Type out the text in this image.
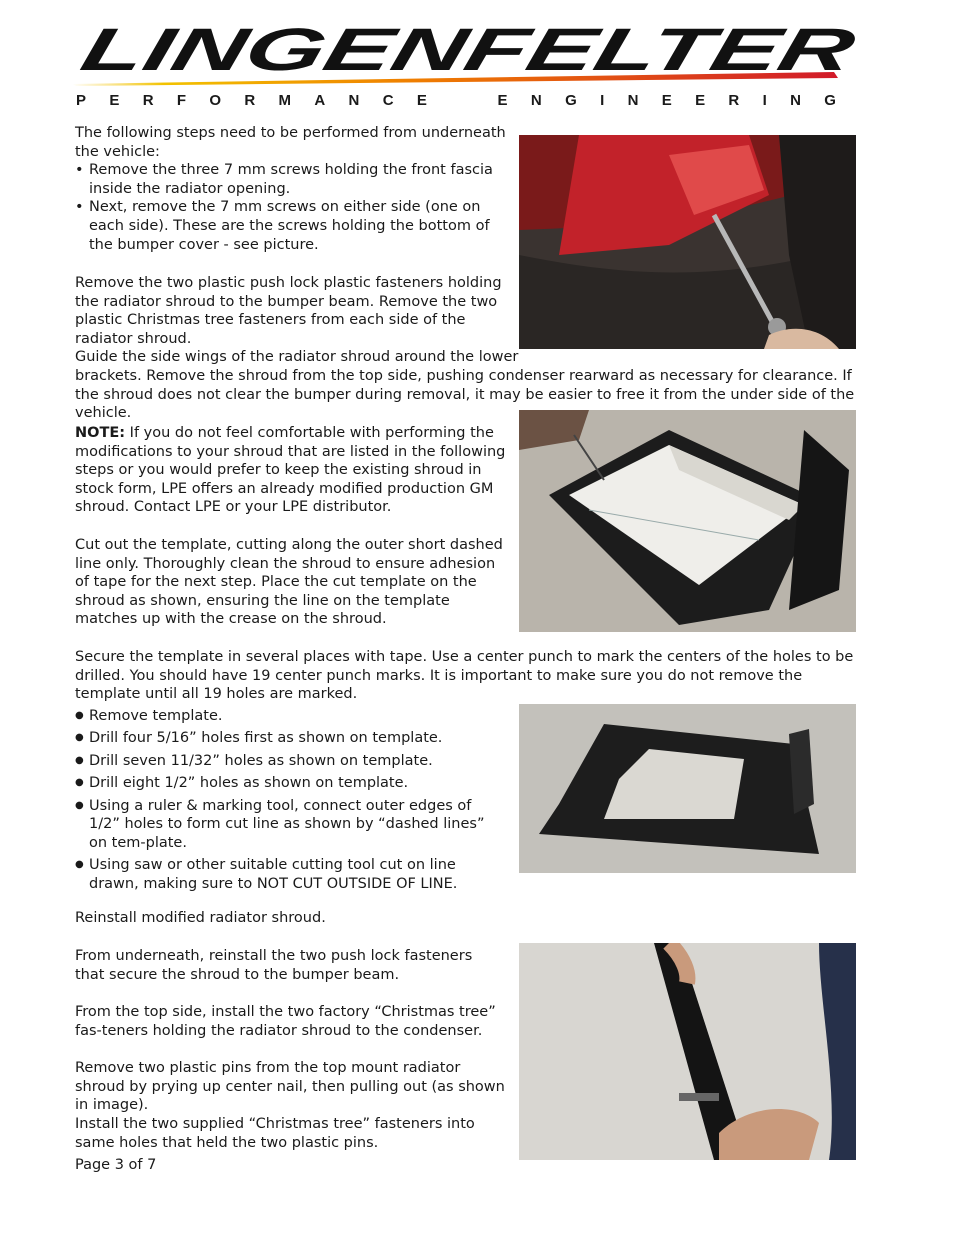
LINGENFELTER
P E R F O R M A N C E	E N G I N E E R I N G

The following steps need to be performed from underneath the vehicle:

• Remove the three 7 mm screws holding the front fascia inside the radiator opening.
• Next, remove the 7 mm screws on either side (one on each side). These are the screws holding the bottom of the bumper cover - see picture.

Remove the two plastic push lock plastic fasteners holding the radiator shroud to the bumper beam. Remove the two plastic Christmas tree fasteners from each side of the radiator shroud.

Guide the side wings of the radiator shroud around the lower

brackets. Remove the shroud from the top side, pushing condenser rearward as necessary for clearance. If the shroud does not clear the bumper during removal, it may be easier to free it from the under side of the vehicle.

NOTE: If you do not feel comfortable with performing the modifications to your shroud that are listed in the following steps or you would prefer to keep the existing shroud in stock form, LPE offers an already modified production GM shroud. Contact LPE or your LPE distributor.

Cut out the template, cutting along the outer short dashed line only. Thoroughly clean the shroud to ensure adhesion of tape for the next step. Place the cut template on the shroud as shown, ensuring the line on the template matches up with the crease on the shroud.

Secure the template in several places with tape. Use a center punch to mark the centers of the holes to be drilled. You should have 19 center punch marks. It is important to make sure you do not remove the template until all 19 holes are marked.

● Remove template.
● Drill four 5/16” holes first as shown on template.
● Drill seven 11/32” holes as shown on template.
● Drill eight 1/2” holes as shown on template.
● Using a ruler & marking tool, connect outer edges of 1/2” holes to form cut line as shown by “dashed lines” on tem-plate.
● Using saw or other suitable cutting tool cut on line drawn, making sure to NOT CUT OUTSIDE OF LINE.

Reinstall modified radiator shroud.

From underneath, reinstall the two push lock fasteners that secure the shroud to the bumper beam.

From the top side, install the two factory “Christmas tree” fas-teners holding the radiator shroud to the condenser.

Remove two plastic pins from the top mount radiator shroud by prying up center nail, then pulling out (as shown in image).

Install the two supplied “Christmas tree” fasteners into same holes that held the two plastic pins.

Page 3 of 7
